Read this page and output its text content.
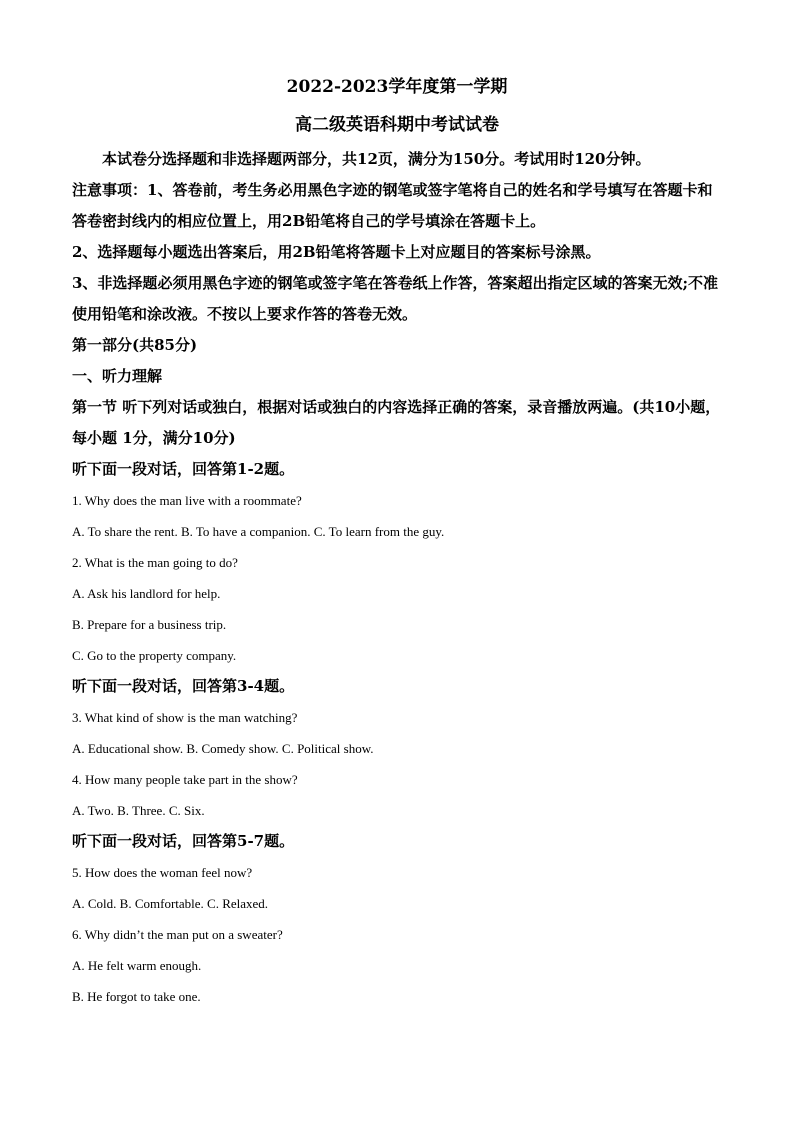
2022-2023学年度第一学期
高二级英语科期中考试试卷

本试卷分选择题和非选择题两部分，共12页，满分为150分。考试用时120分钟。

注意事项：1、答卷前，考生务必用黑色字迹的钢笔或签字笔将自己的姓名和学号填写在答题卡和答卷密封线内的相应位置上，用2B铅笔将自己的学号填涂在答题卡上。

2、选择题每小题选出答案后，用2B铅笔将答题卡上对应题目的答案标号涂黑。

3、非选择题必须用黑色字迹的钢笔或签字笔在答卷纸上作答，答案超出指定区域的答案无效;不准使用铅笔和涂改液。不按以上要求作答的答卷无效。

第一部分(共85分)

一、听力理解

第一节 听下列对话或独白，根据对话或独白的内容选择正确的答案，录音播放两遍。(共10小题，每小题 1分，满分10分)

听下面一段对话，回答第1-2题。

1. Why does the man live with a roommate?

A. To share the rent. B. To have a companion. C. To learn from the guy.

2. What is the man going to do?

A. Ask his landlord for help.

B. Prepare for a business trip.

C. Go to the property company.

听下面一段对话，回答第3-4题。

3. What kind of show is the man watching?

A. Educational show. B. Comedy show. C. Political show.

4. How many people take part in the show?

A. Two. B. Three. C. Six.

听下面一段对话，回答第5-7题。

5. How does the woman feel now?

A. Cold. B. Comfortable. C. Relaxed.

6. Why didn’t the man put on a sweater?

A. He felt warm enough.

B. He forgot to take one.
